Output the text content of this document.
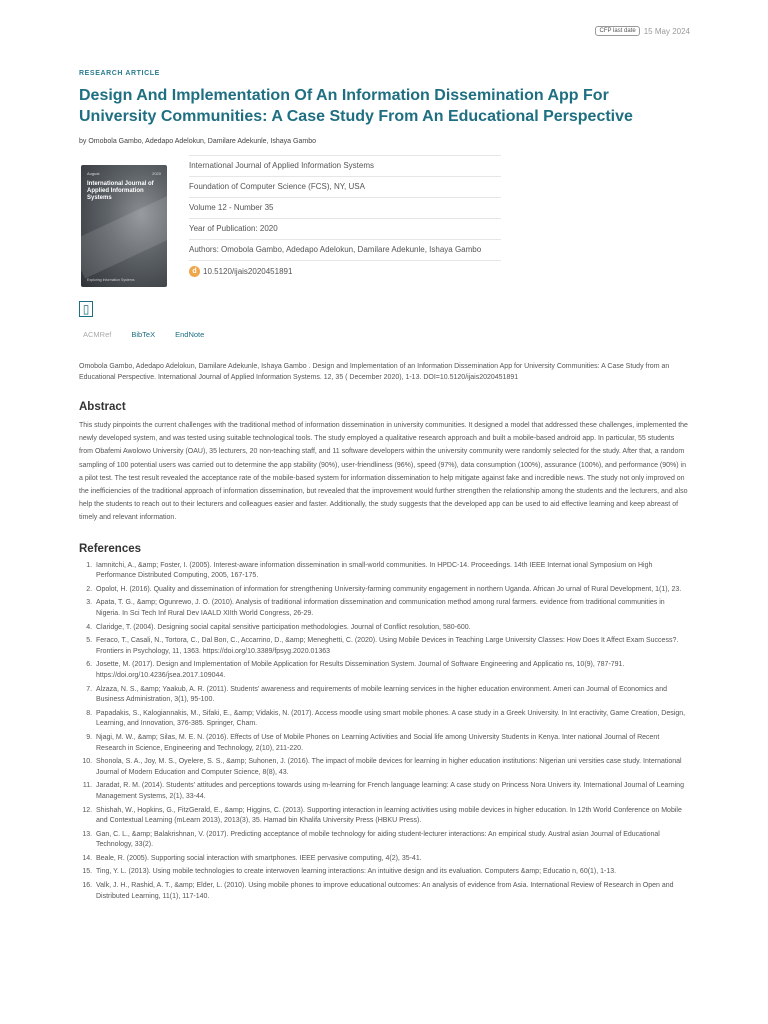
CFP last date	15 May 2024
RESEARCH ARTICLE
Design And Implementation Of An Information Dissemination App For University Communities: A Case Study From An Educational Perspective
by Omobola Gambo, Adedapo Adelokun, Damilare Adekunle, Ishaya Gambo
August	2020
International Journal of Applied Information Systems
Exploring Information Systems
International Journal of Applied Information Systems
Foundation of Computer Science (FCS), NY, USA
Volume 12 - Number 35
Year of Publication: 2020
Authors: Omobola Gambo, Adedapo Adelokun, Damilare Adekunle, Ishaya Gambo
d 10.5120/ijais2020451891
▯
ACMRef	BibTeX	EndNote
Omobola Gambo, Adedapo Adelokun, Damilare Adekunle, Ishaya Gambo . Design and Implementation of an Information Dissemination App for University Communities: A Case Study from an Educational Perspective. International Journal of Applied Information Systems. 12, 35 ( December 2020), 1-13. DOI=10.5120/ijais2020451891
Abstract

This study pinpoints the current challenges with the traditional method of information dissemination in university communities. It designed a model that addressed these challenges, implemented the newly developed system, and was tested using suitable technological tools. The study employed a qualitative research approach and built a mobile-based android app. In particular, 55 students from Obafemi Awolowo University (OAU), 35 lecturers, 20 non-teaching staff, and 11 software developers within the university community were randomly selected for the study. After that, a random sampling of 100 potential users was carried out to determine the app stability (90%), user-friendliness (96%), speed (97%), data consumption (100%), assurance (100%), and performance (90%) in a pilot test. The test result revealed the acceptance rate of the mobile-based system for information dissemination to help mitigate against fake and incredible news. The study not only improved on the inefficiencies of the traditional approach of information dissemination, but revealed that the improvement would further strengthen the relationship among the students and the lecturers, and also help the students to reach out to their lecturers and colleagues easier and faster. Additionally, the study suggests that the developed app can be used to aid effective learning and keep abreast of timely and relevant information.

References
1. Iamnitchi, A., &amp; Foster, I. (2005). Interest-aware information dissemination in small-world communities. In HPDC-14. Proceedings. 14th IEEE Internat ional Symposium on High Performance Distributed Computing, 2005, 167-175.
2. Opolot, H. (2016). Quality and dissemination of information for strengthening University-farming community engagement in northern Uganda. African Jo urnal of Rural Development, 1(1), 23.
3. Apata, T. G., &amp; Ogunrewo, J. O. (2010). Analysis of traditional information dissemination and communication method among rural farmers. evidence from traditional communities in Nigeria. In Sci Tech Inf Rural Dev IAALD XIIth World Congress, 26-29.
4. Claridge, T. (2004). Designing social capital sensitive participation methodologies. Journal of Conflict resolution, 580-600.
5. Feraco, T., Casali, N., Tortora, C., Dal Bon, C., Accarrino, D., &amp; Meneghetti, C. (2020). Using Mobile Devices in Teaching Large University Classes: How Does It Affect Exam Success?. Frontiers in Psychology, 11, 1363. https://doi.org/10.3389/fpsyg.2020.01363
6. Josette, M. (2017). Design and Implementation of Mobile Application for Results Dissemination System. Journal of Software Engineering and Applicatio ns, 10(9), 787-791. https://doi.org/10.4236/jsea.2017.109044.
7. Alzaza, N. S., &amp; Yaakub, A. R. (2011). Students' awareness and requirements of mobile learning services in the higher education environment. Ameri can Journal of Economics and Business Administration, 3(1), 95-100.
8. Papadakis, S., Kalogiannakis, M., Sifaki, E., &amp; Vidakis, N. (2017). Access moodle using smart mobile phones. A case study in a Greek University. In Int eractivity, Game Creation, Design, Learning, and Innovation, 376-385. Springer, Cham.
9. Njagi, M. W., &amp; Silas, M. E. N. (2016). Effects of Use of Mobile Phones on Learning Activities and Social life among University Students in Kenya. Inter national Journal of Recent Research in Science, Engineering and Technology, 2(10), 211-220.
10. Shonola, S. A., Joy, M. S., Oyelere, S. S., &amp; Suhonen, J. (2016). The impact of mobile devices for learning in higher education institutions: Nigerian uni versities case study. International Journal of Modern Education and Computer Science, 8(8), 43.
11. Jaradat, R. M. (2014). Students' attitudes and perceptions towards using m-learning for French language learning: A case study on Princess Nora Univers ity. International Journal of Learning Management Systems, 2(1), 33-44.
12. Shishah, W., Hopkins, G., FitzGerald, E., &amp; Higgins, C. (2013). Supporting interaction in learning activities using mobile devices in higher education. In 12th World Conference on Mobile and Contextual Learning (mLearn 2013), 2013(3), 35. Hamad bin Khalifa University Press (HBKU Press).
13. Gan, C. L., &amp; Balakrishnan, V. (2017). Predicting acceptance of mobile technology for aiding student-lecturer interactions: An empirical study. Austral asian Journal of Educational Technology, 33(2).
14. Beale, R. (2005). Supporting social interaction with smartphones. IEEE pervasive computing, 4(2), 35-41.
15. Ting, Y. L. (2013). Using mobile technologies to create interwoven learning interactions: An intuitive design and its evaluation. Computers &amp; Educatio n, 60(1), 1-13.
16. Valk, J. H., Rashid, A. T., &amp; Elder, L. (2010). Using mobile phones to improve educational outcomes: An analysis of evidence from Asia. International Review of Research in Open and Distributed Learning, 11(1), 117-140.
